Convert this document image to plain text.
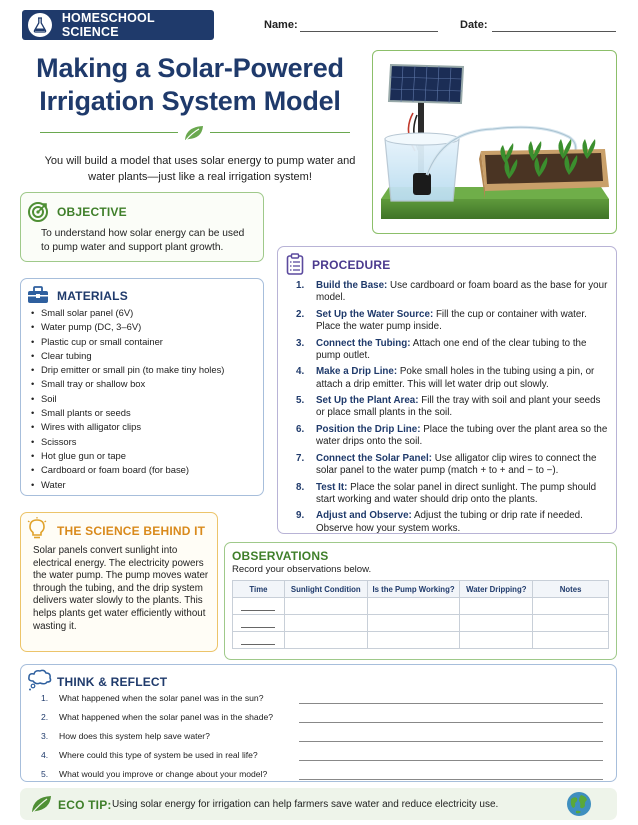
HOMESCHOOL SCIENCE	Name:	Date:
Making a Solar-Powered
Irrigation System Model

You will build a model that uses solar energy to pump water and water plants—just like a real irrigation system!

OBJECTIVE

To understand how solar energy can be used to pump water and support plant growth.

MATERIALS
• Small solar panel (6V)
• Water pump (DC, 3–6V)
• Plastic cup or small container
• Clear tubing
• Drip emitter or small pin (to make tiny holes)
• Small tray or shallow box
• Soil
• Small plants or seeds
• Wires with alligator clips
• Scissors
• Hot glue gun or tape
• Cardboard or foam board (for base)
• Water
THE SCIENCE BEHIND IT

Solar panels convert sunlight into electrical energy. The electricity powers the water pump. The pump moves water through the tubing, and the drip system delivers water slowly to the plants. This helps plants get water efficiently without wasting it.

PROCEDURE
1. Build the Base: Use cardboard or foam board as the base for your model.
2. Set Up the Water Source: Fill the cup or container with water. Place the water pump inside.
3. Connect the Tubing: Attach one end of the clear tubing to the pump outlet.
4. Make a Drip Line: Poke small holes in the tubing using a pin, or attach a drip emitter. This will let water drip out slowly.
5. Set Up the Plant Area: Fill the tray with soil and plant your seeds or place small plants in the soil.
6. Position the Drip Line: Place the tubing over the plant area so the water drips onto the soil.
7. Connect the Solar Panel: Use alligator clip wires to connect the solar panel to the water pump (match + to + and − to −).
8. Test It: Place the solar panel in direct sunlight. The pump should start working and water should drip onto the plants.
9. Adjust and Observe: Adjust the tubing or drip rate if needed. Observe how your system works.
OBSERVATIONS
Record your observations below.
Time	Sunlight Condition	Is the Pump Working?	Water Dripping?	Notes

THINK & REFLECT
1. What happened when the solar panel was in the sun?
2. What happened when the solar panel was in the shade?
3. How does this system help save water?
4. Where could this type of system be used in real life?
5. What would you improve or change about your model?
ECO TIP: Using solar energy for irrigation can help farmers save water and reduce electricity use.
